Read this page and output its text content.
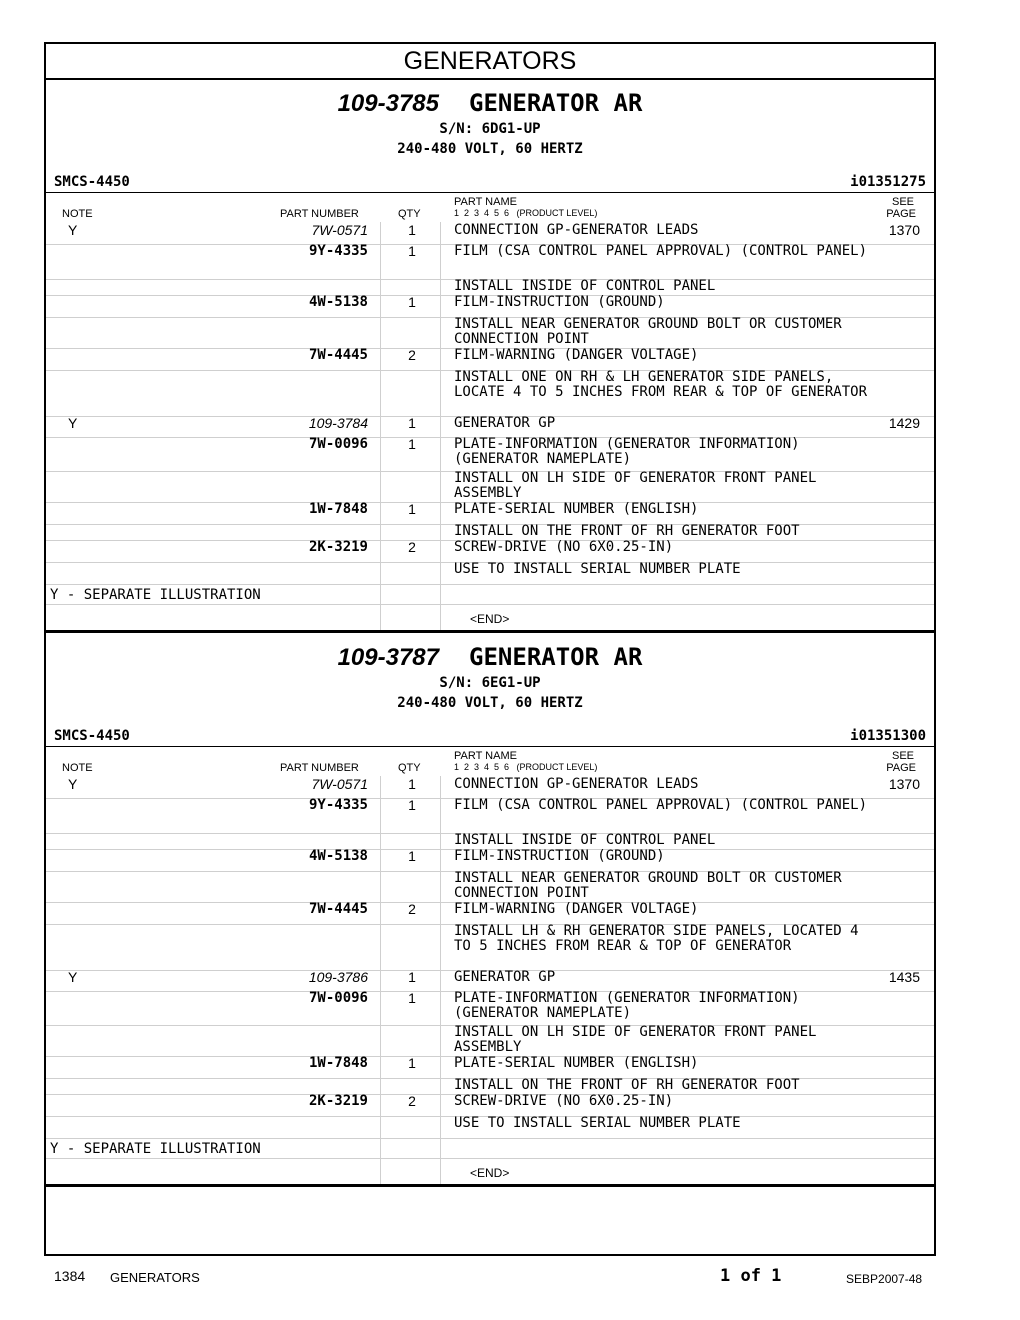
GENERATORS
109-3785 GENERATOR AR
S/N: 6DG1-UP
240-480 VOLT, 60 HERTZ
SMCS-4450	i01351275
NOTE	PART NUMBER	QTY
PART NAME
1  2  3  4  5  6   (PRODUCT LEVEL)
SEE
PAGE
Y	7W-0571	1	CONNECTION GP-GENERATOR LEADS	1370
9Y-4335	1	FILM (CSA CONTROL PANEL APPROVAL) (CONTROL PANEL)
INSTALL INSIDE OF CONTROL PANEL
4W-5138	1	FILM-INSTRUCTION (GROUND)
INSTALL NEAR GENERATOR GROUND BOLT OR CUSTOMER CONNECTION POINT
7W-4445	2	FILM-WARNING (DANGER VOLTAGE)
INSTALL ONE ON RH & LH GENERATOR SIDE PANELS, LOCATE 4 TO 5 INCHES FROM REAR & TOP OF GENERATOR
Y	109-3784	1	GENERATOR GP	1429
7W-0096	1	PLATE-INFORMATION (GENERATOR INFORMATION) (GENERATOR NAMEPLATE)
INSTALL ON LH SIDE OF GENERATOR FRONT PANEL ASSEMBLY
1W-7848	1	PLATE-SERIAL NUMBER (ENGLISH)
INSTALL ON THE FRONT OF RH GENERATOR FOOT
2K-3219	2	SCREW-DRIVE (NO 6X0.25-IN)
USE TO INSTALL SERIAL NUMBER PLATE
Y - SEPARATE ILLUSTRATION
<END>
109-3787 GENERATOR AR
S/N: 6EG1-UP
240-480 VOLT, 60 HERTZ
SMCS-4450	i01351300
NOTE	PART NUMBER	QTY
PART NAME
1  2  3  4  5  6   (PRODUCT LEVEL)
SEE
PAGE
Y	7W-0571	1	CONNECTION GP-GENERATOR LEADS	1370
9Y-4335	1	FILM (CSA CONTROL PANEL APPROVAL) (CONTROL PANEL)
INSTALL INSIDE OF CONTROL PANEL
4W-5138	1	FILM-INSTRUCTION (GROUND)
INSTALL NEAR GENERATOR GROUND BOLT OR CUSTOMER CONNECTION POINT
7W-4445	2	FILM-WARNING (DANGER VOLTAGE)
INSTALL LH & RH GENERATOR SIDE PANELS, LOCATED 4 TO 5 INCHES FROM REAR & TOP OF GENERATOR
Y	109-3786	1	GENERATOR GP	1435
7W-0096	1	PLATE-INFORMATION (GENERATOR INFORMATION) (GENERATOR NAMEPLATE)
INSTALL ON LH SIDE OF GENERATOR FRONT PANEL ASSEMBLY
1W-7848	1	PLATE-SERIAL NUMBER (ENGLISH)
INSTALL ON THE FRONT OF RH GENERATOR FOOT
2K-3219	2	SCREW-DRIVE (NO 6X0.25-IN)
USE TO INSTALL SERIAL NUMBER PLATE
Y - SEPARATE ILLUSTRATION
<END>
1384 GENERATORS	1 of 1	SEBP2007-48
